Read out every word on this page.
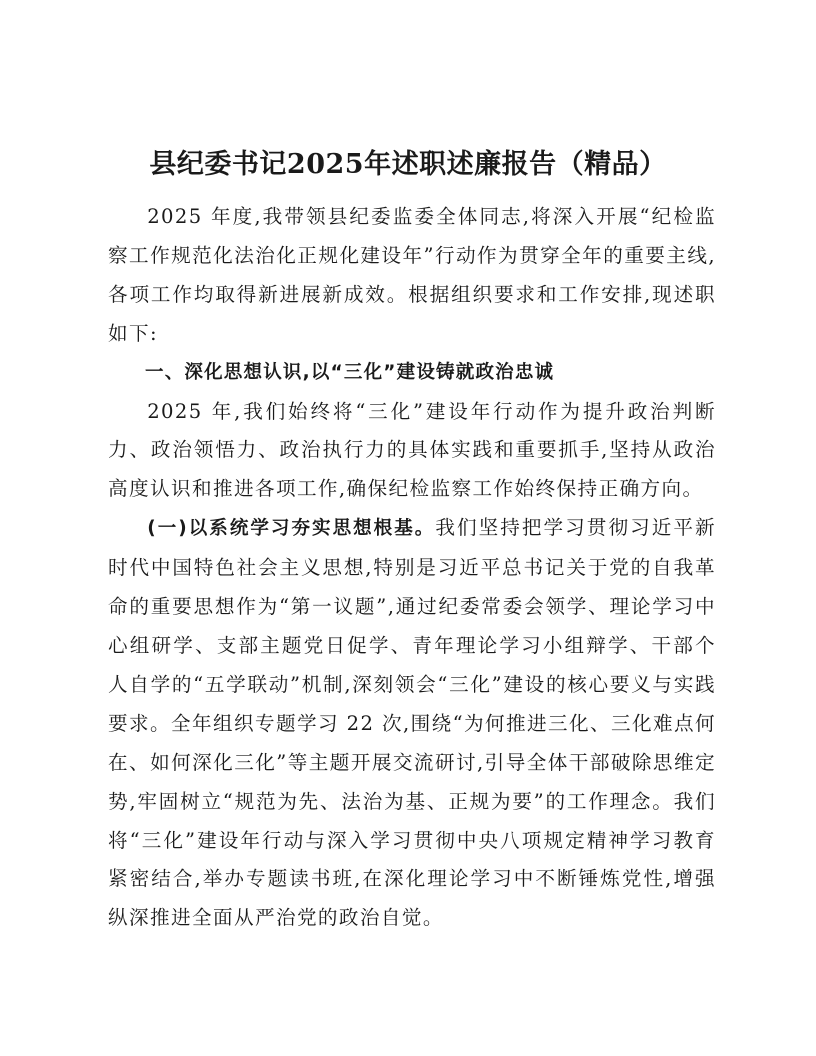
县纪委书记2025年述职述廉报告（精品）

2025 年度,我带领县纪委监委全体同志,将深入开展“纪检监察工作规范化法治化正规化建设年”行动作为贯穿全年的重要主线,各项工作均取得新进展新成效。根据组织要求和工作安排,现述职如下:

一、深化思想认识,以“三化”建设铸就政治忠诚

2025 年,我们始终将“三化”建设年行动作为提升政治判断力、政治领悟力、政治执行力的具体实践和重要抓手,坚持从政治高度认识和推进各项工作,确保纪检监察工作始终保持正确方向。

(一)以系统学习夯实思想根基。我们坚持把学习贯彻习近平新时代中国特色社会主义思想,特别是习近平总书记关于党的自我革命的重要思想作为“第一议题”,通过纪委常委会领学、理论学习中心组研学、支部主题党日促学、青年理论学习小组辩学、干部个人自学的“五学联动”机制,深刻领会“三化”建设的核心要义与实践要求。全年组织专题学习 22 次,围绕“为何推进三化、三化难点何在、如何深化三化”等主题开展交流研讨,引导全体干部破除思维定势,牢固树立“规范为先、法治为基、正规为要”的工作理念。我们将“三化”建设年行动与深入学习贯彻中央八项规定精神学习教育紧密结合,举办专题读书班,在深化理论学习中不断锤炼党性,增强纵深推进全面从严治党的政治自觉。
